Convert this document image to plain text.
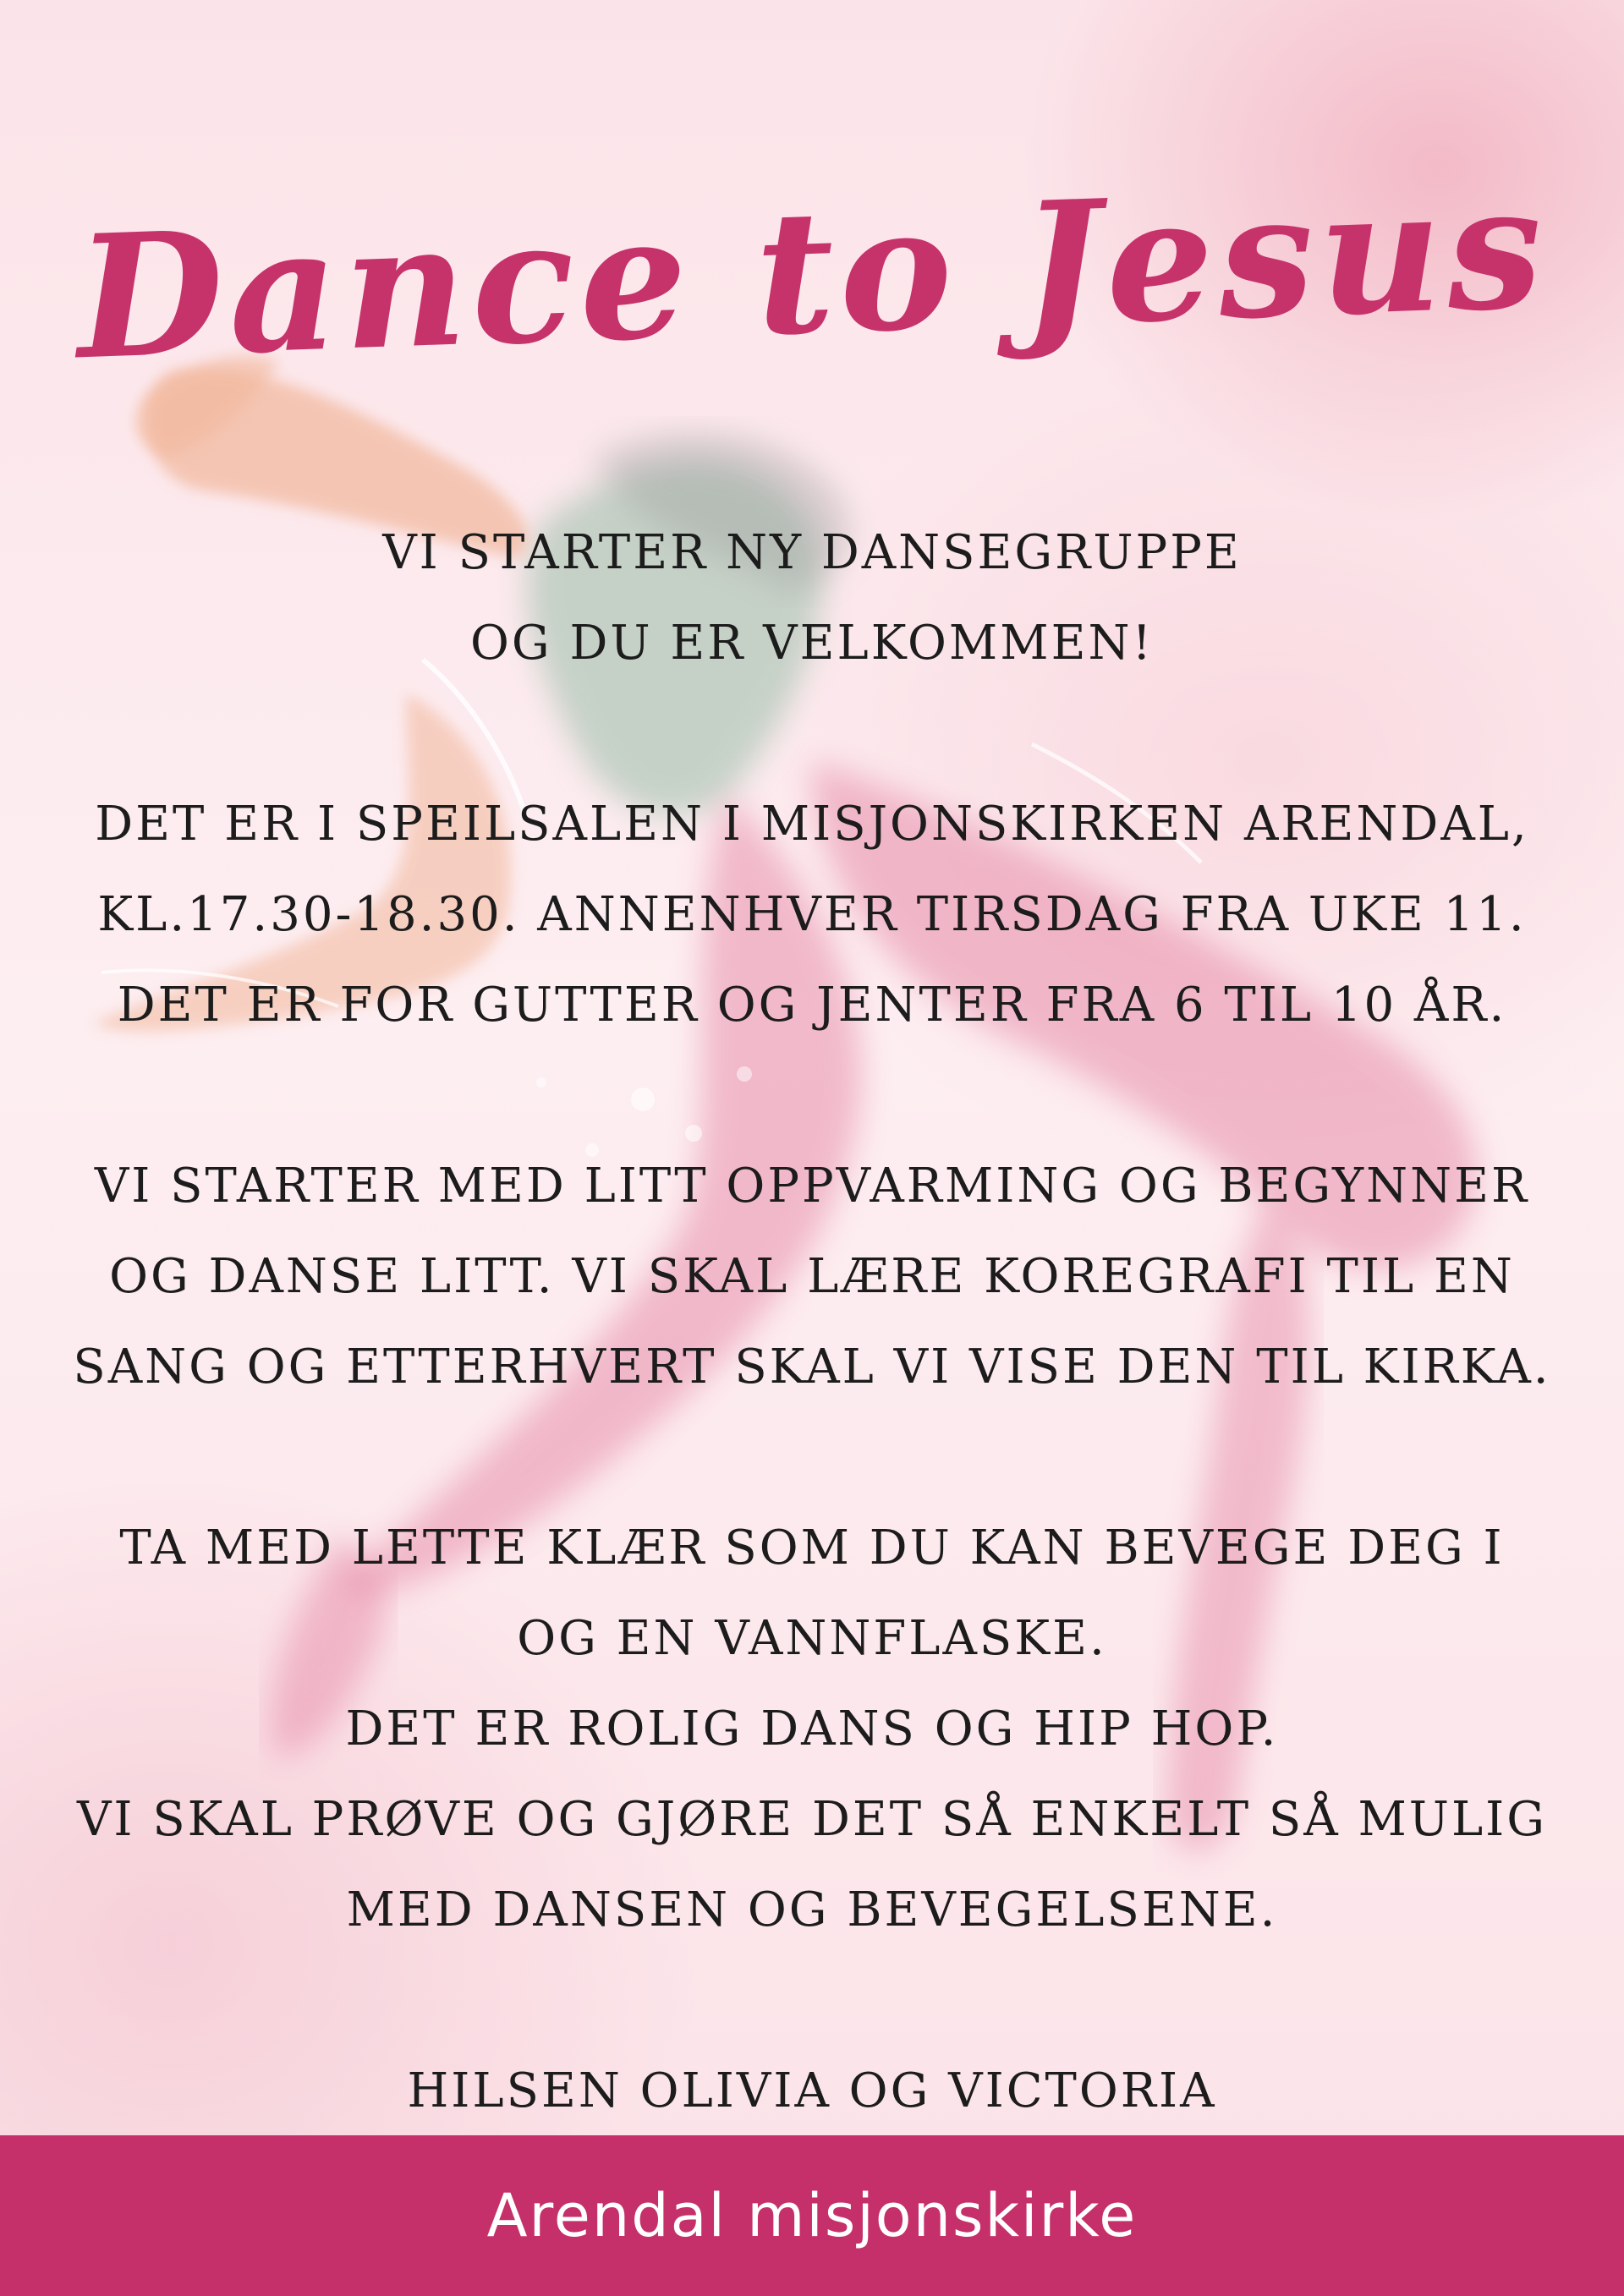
Dance to Jesus
VI STARTER NY DANSEGRUPPE
OG DU ER VELKOMMEN!
DET ER I SPEILSALEN I MISJONSKIRKEN ARENDAL,
KL.17.30-18.30. ANNENHVER TIRSDAG FRA UKE 11.
DET ER FOR GUTTER OG JENTER FRA 6 TIL 10 ÅR.
VI STARTER MED LITT OPPVARMING OG BEGYNNER
OG DANSE LITT. VI SKAL LÆRE KOREGRAFI TIL EN
SANG OG ETTERHVERT SKAL VI VISE DEN TIL KIRKA.
TA MED LETTE KLÆR SOM DU KAN BEVEGE DEG I
OG EN VANNFLASKE.
DET ER ROLIG DANS OG HIP HOP.
VI SKAL PRØVE OG GJØRE DET SÅ ENKELT SÅ MULIG
MED DANSEN OG BEVEGELSENE.
HILSEN OLIVIA OG VICTORIA
Arendal misjonskirke
